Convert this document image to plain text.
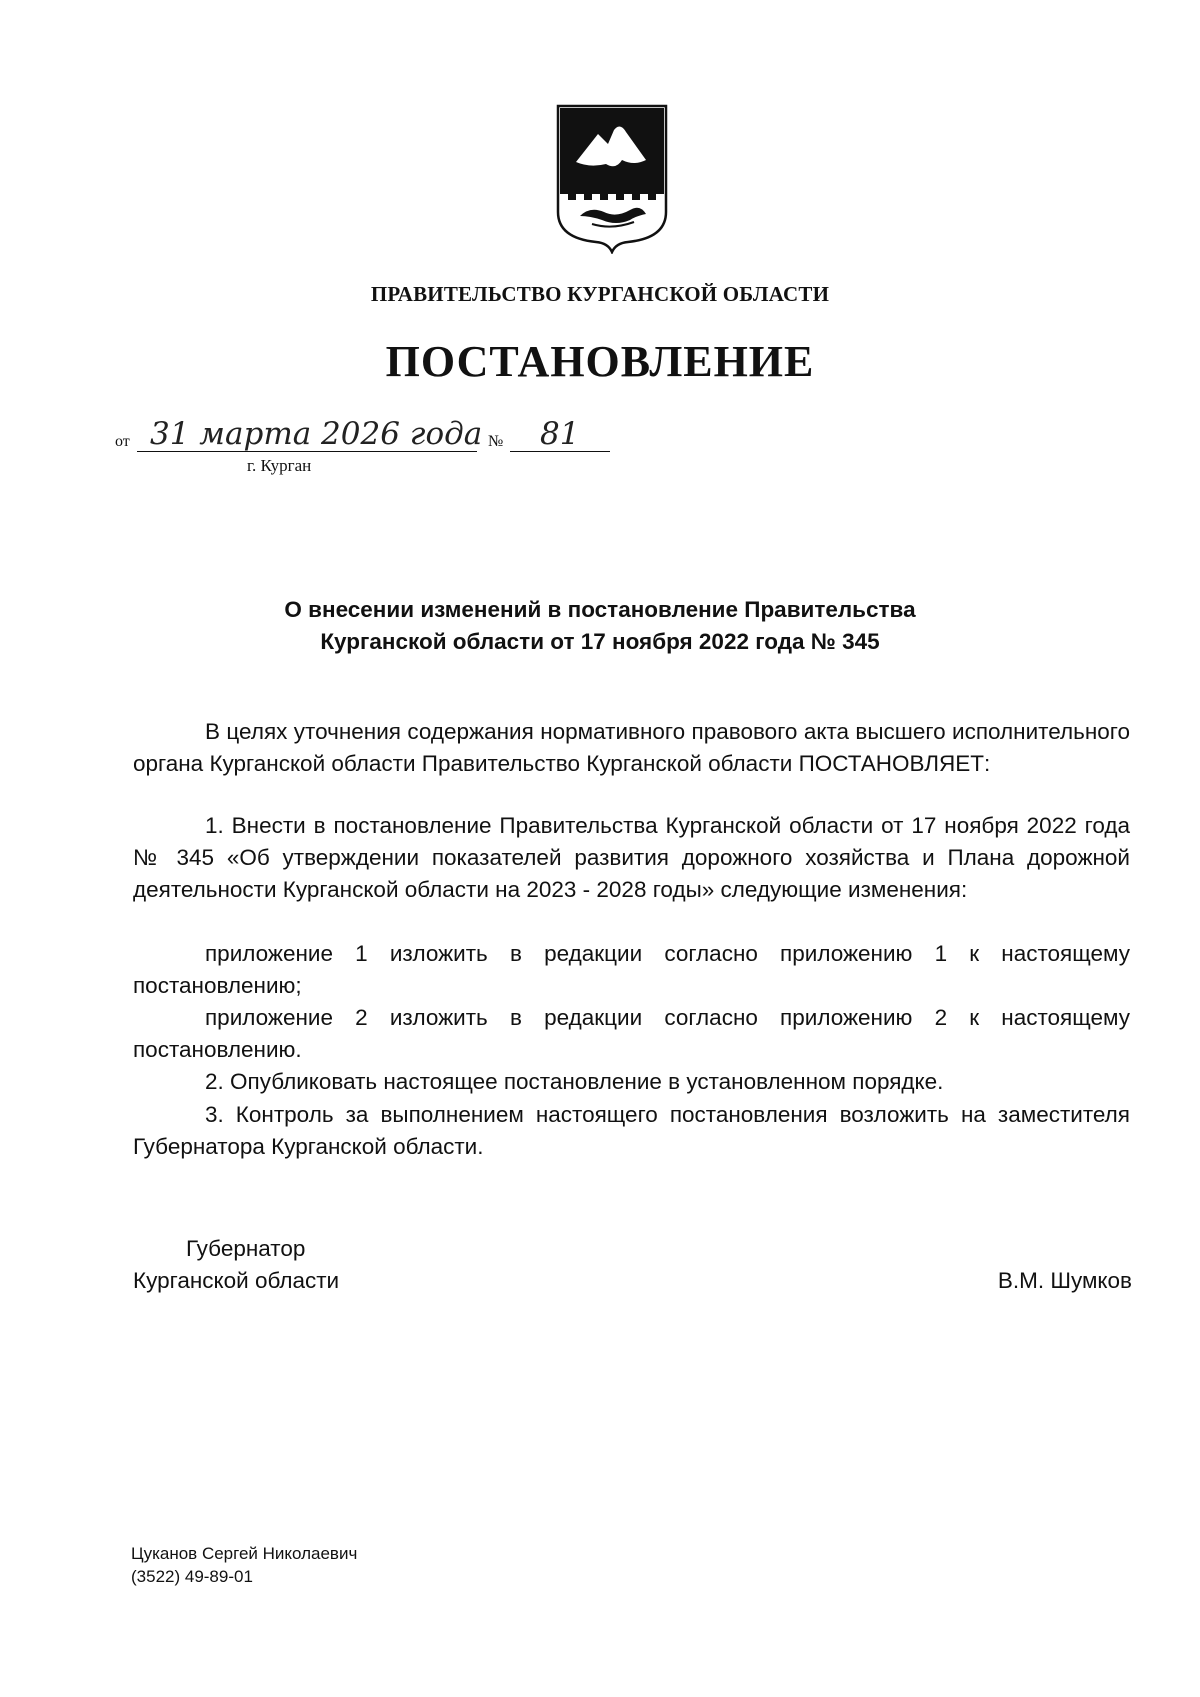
ПРАВИТЕЛЬСТВО КУРГАНСКОЙ ОБЛАСТИ
ПОСТАНОВЛЕНИЕ
от 31 марта 2026 года № 81
г. Курган
О внесении изменений в постановление Правительства
Курганской области от 17 ноября 2022 года № 345
В целях уточнения содержания нормативного правового акта высшего исполнительного органа Курганской области Правительство Курганской области ПОСТАНОВЛЯЕТ:
1. Внести в постановление Правительства Курганской области от 17 ноября 2022 года № 345 «Об утверждении показателей развития дорожного хозяйства и Плана дорожной деятельности Курганской области на 2023 - 2028 годы» следующие изменения:
приложение 1 изложить в редакции согласно приложению 1 к настоящему постановлению;
приложение 2 изложить в редакции согласно приложению 2 к настоящему постановлению.
2. Опубликовать настоящее постановление в установленном порядке.
3. Контроль за выполнением настоящего постановления возложить на заместителя Губернатора Курганской области.
Губернатор
Курганской области	В.М. Шумков
Цуканов Сергей Николаевич
(3522) 49-89-01
